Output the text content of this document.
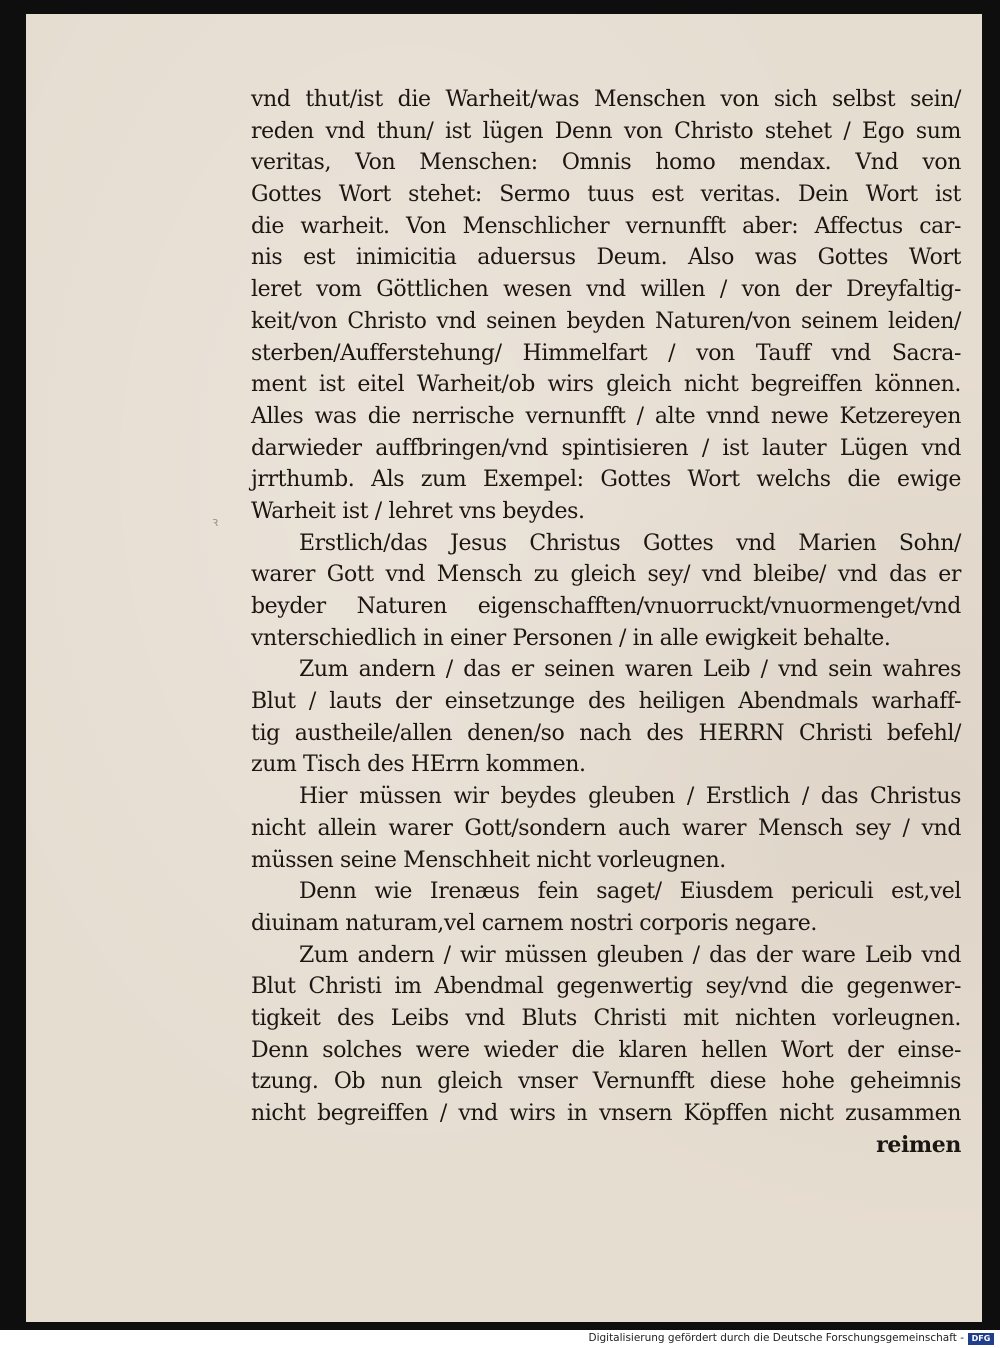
ꝛ
vnd thut/ist die Warheit/was Menschen von sich selbst sein/
reden vnd thun/ ist lügen Denn von Christo stehet / Ego sum
veritas, Von Menschen: Omnis homo mendax. Vnd von
Gottes Wort stehet: Sermo tuus est veritas. Dein Wort ist
die warheit. Von Menschlicher vernunfft aber: Affectus car-
nis est inimicitia aduersus Deum. Also was Gottes Wort
leret vom Göttlichen wesen vnd willen / von der Dreyfaltig-
keit/von Christo vnd seinen beyden Naturen/von seinem leiden/
sterben/Aufferstehung/ Himmelfart / von Tauff vnd Sacra-
ment ist eitel Warheit/ob wirs gleich nicht begreiffen können.
Alles was die nerrische vernunfft / alte vnnd newe Ketzereyen
darwieder auffbringen/vnd spintisieren / ist lauter Lügen vnd
jrrthumb. Als zum Exempel: Gottes Wort welchs die ewige
Warheit ist / lehret vns beydes.
Erstlich/das Jesus Christus Gottes vnd Marien Sohn/
warer Gott vnd Mensch zu gleich sey/ vnd bleibe/ vnd das er
beyder Naturen eigenschafften/vnuorruckt/vnuormenget/vnd
vnterschiedlich in einer Personen / in alle ewigkeit behalte.
Zum andern / das er seinen waren Leib / vnd sein wahres
Blut / lauts der einsetzunge des heiligen Abendmals warhaff-
tig austheile/allen denen/so nach des HERRN Christi befehl/
zum Tisch des HErrn kommen.
Hier müssen wir beydes gleuben / Erstlich / das Christus
nicht allein warer Gott/sondern auch warer Mensch sey / vnd
müssen seine Menschheit nicht vorleugnen.
Denn wie Irenæus fein saget/ Eiusdem periculi est,vel
diuinam naturam,vel carnem nostri corporis negare.
Zum andern / wir müssen gleuben / das der ware Leib vnd
Blut Christi im Abendmal gegenwertig sey/vnd die gegenwer-
tigkeit des Leibs vnd Bluts Christi mit nichten vorleugnen.
Denn solches were wieder die klaren hellen Wort der einse-
tzung. Ob nun gleich vnser Vernunfft diese hohe geheimnis
nicht begreiffen / vnd wirs in vnsern Köpffen nicht zusammen
reimen
Digitalisierung gefördert durch die Deutsche Forschungsgemeinschaft - DFG
